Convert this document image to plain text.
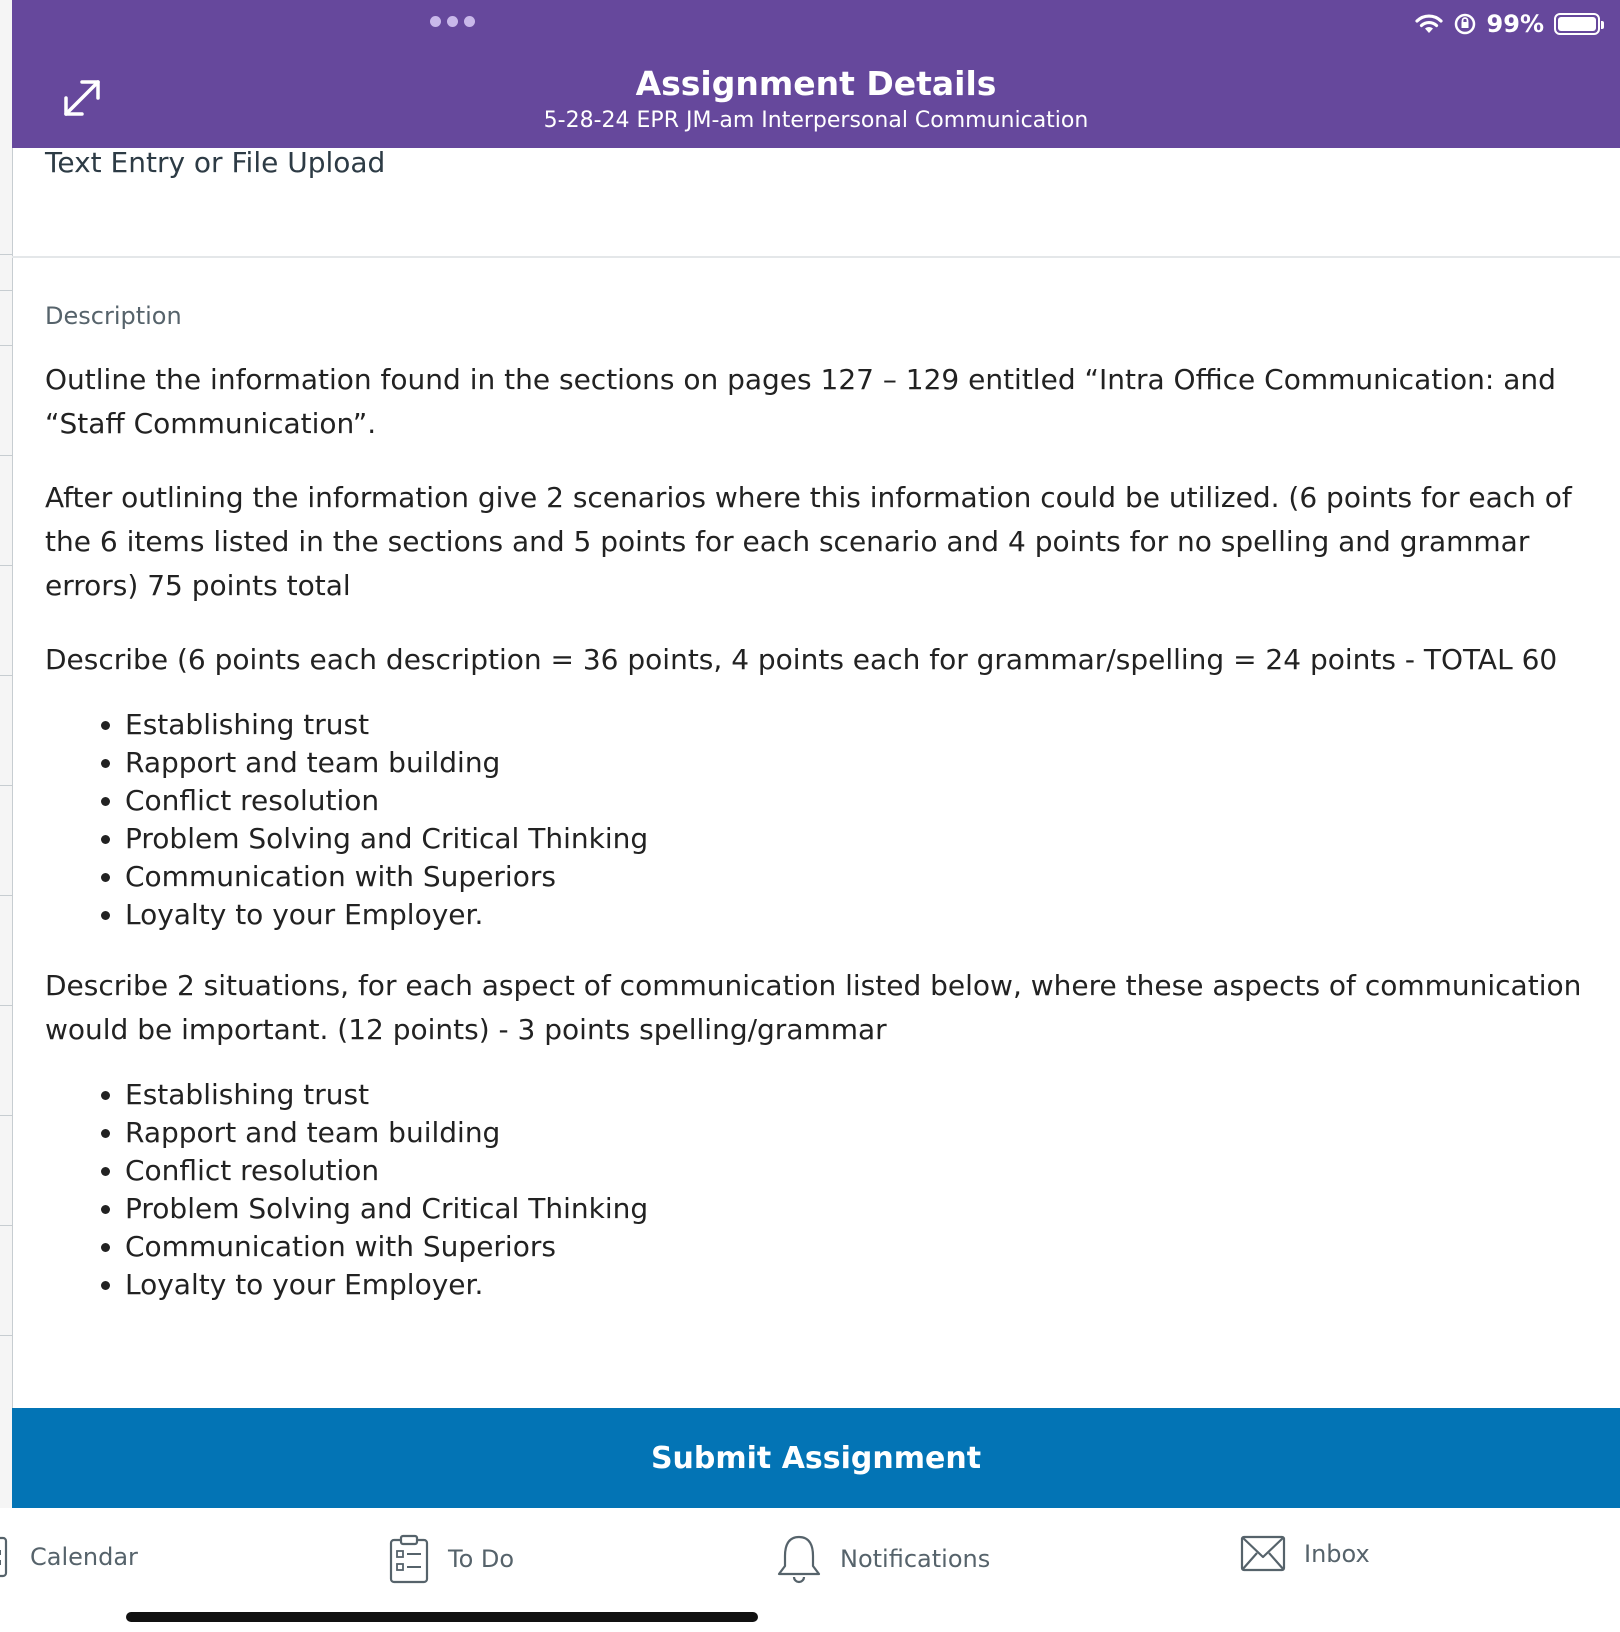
99%
Assignment Details
5-28-24 EPR JM-am Interpersonal Communication
Text Entry or File Upload
Description

Outline the information found in the sections on pages 127 – 129 entitled “Intra Office Communication: and “Staff Communication”.

After outlining the information give 2 scenarios where this information could be utilized. (6 points for each of the 6 items listed in the sections and 5 points for each scenario and 4 points for no spelling and grammar errors) 75 points total

Describe (6 points each description = 36 points, 4 points each for grammar/spelling = 24 points - TOTAL 60

• Establishing trust
• Rapport and team building
• Conflict resolution
• Problem Solving and Critical Thinking
• Communication with Superiors
• Loyalty to your Employer.

Describe 2 situations, for each aspect of communication listed below, where these aspects of communication would be important. (12 points) - 3 points spelling/grammar

• Establishing trust
• Rapport and team building
• Conflict resolution
• Problem Solving and Critical Thinking
• Communication with Superiors
• Loyalty to your Employer.
Submit Assignment
Calendar	To Do	Notifications	Inbox
